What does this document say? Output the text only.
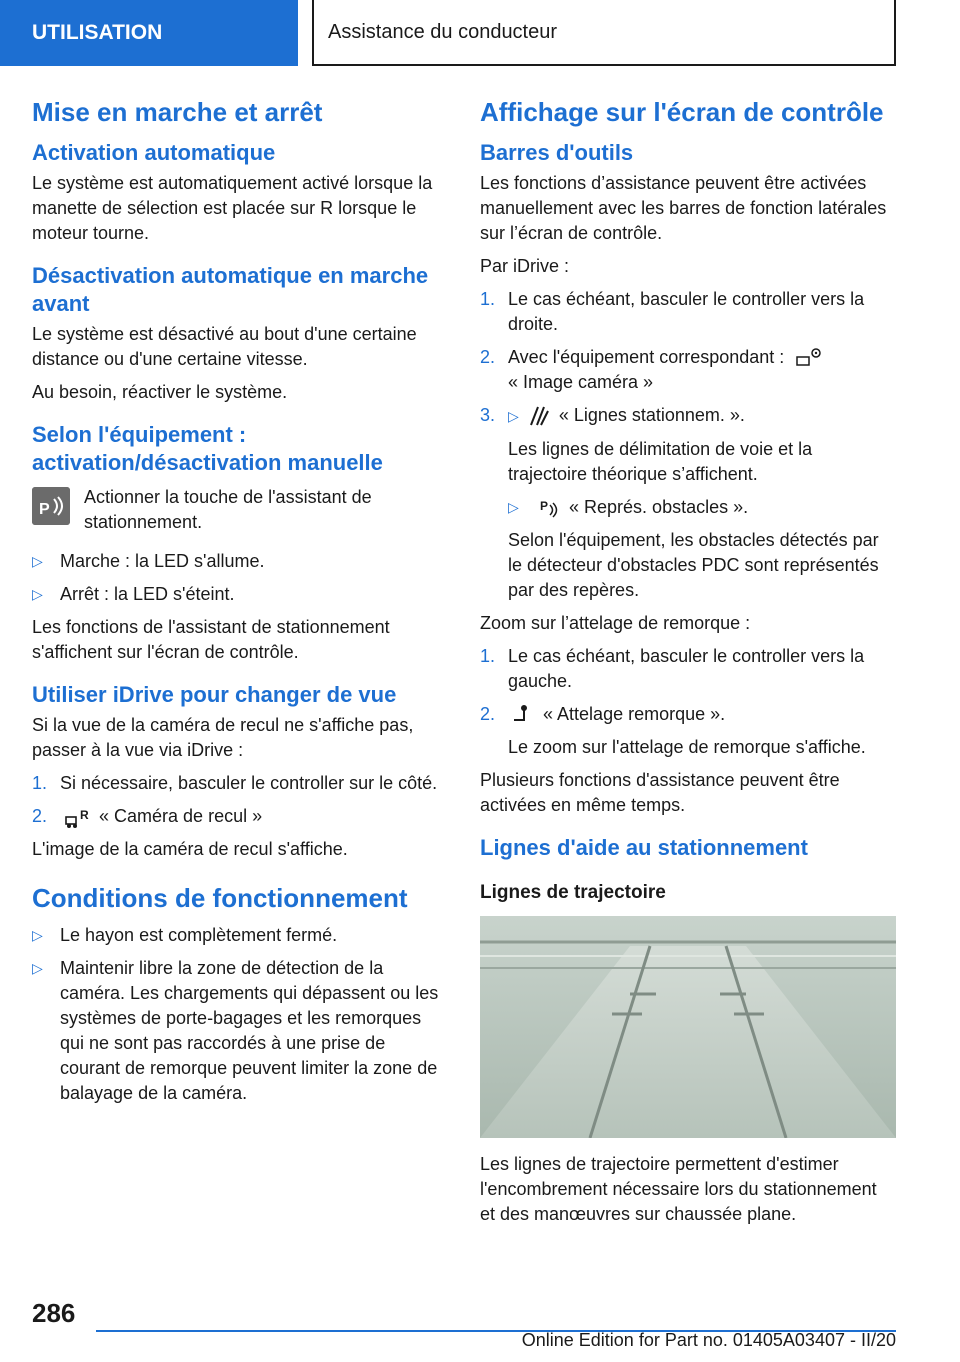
UTILISATION	Assistance du conducteur
Mise en marche et arrêt
Activation automatique

Le système est automatiquement activé lorsque la manette de sélection est placée sur R lorsque le moteur tourne.

Désactivation automatique en marche avant

Le système est désactivé au bout d'une certaine distance ou d'une certaine vitesse.

Au besoin, réactiver le système.

Selon l'équipement : activation/désactivation manuelle
P
Actionner la touche de l'assistant de stationnement.
▷ Marche : la LED s'allume.
▷ Arrêt : la LED s'éteint.

Les fonctions de l'assistant de stationnement s'affichent sur l'écran de contrôle.

Utiliser iDrive pour changer de vue

Si la vue de la caméra de recul ne s'affiche pas, passer à la vue via iDrive :

1. Si nécessaire, basculer le controller sur le côté.
2.	R « Caméra de recul »

L'image de la caméra de recul s'affiche.

Conditions de fonctionnement
▷ Le hayon est complètement fermé.
▷ Maintenir libre la zone de détection de la caméra. Les chargements qui dépassent ou les systèmes de porte-bagages et les remorques qui ne sont pas raccordés à une prise de courant de remorque peuvent limiter la zone de balayage de la caméra.
Affichage sur l'écran de contrôle
Barres d'outils

Les fonctions d’assistance peuvent être activées manuellement avec les barres de fonction latérales sur l’écran de contrôle.

Par iDrive :

1. Le cas échéant, basculer le controller vers la droite.
2. Avec l'équipement correspondant :
« Image caméra »
3. ▷ « Lignes stationnem. ».
Les lignes de délimitation de voie et la trajectoire théorique s’affichent.
▷ P « Représ. obstacles ».
Selon l'équipement, les obstacles détectés par le détecteur d'obstacles PDC sont représentés par des repères.

Zoom sur l’attelage de remorque :

1. Le cas échéant, basculer le controller vers la gauche.
2.	« Attelage remorque ».
Le zoom sur l'attelage de remorque s'affiche.

Plusieurs fonctions d'assistance peuvent être activées en même temps.

Lignes d'aide au stationnement
Lignes de trajectoire

Les lignes de trajectoire permettent d'estimer l'encombrement nécessaire lors du stationnement et des manœuvres sur chaussée plane.

286
Online Edition for Part no. 01405A03407 - II/20
